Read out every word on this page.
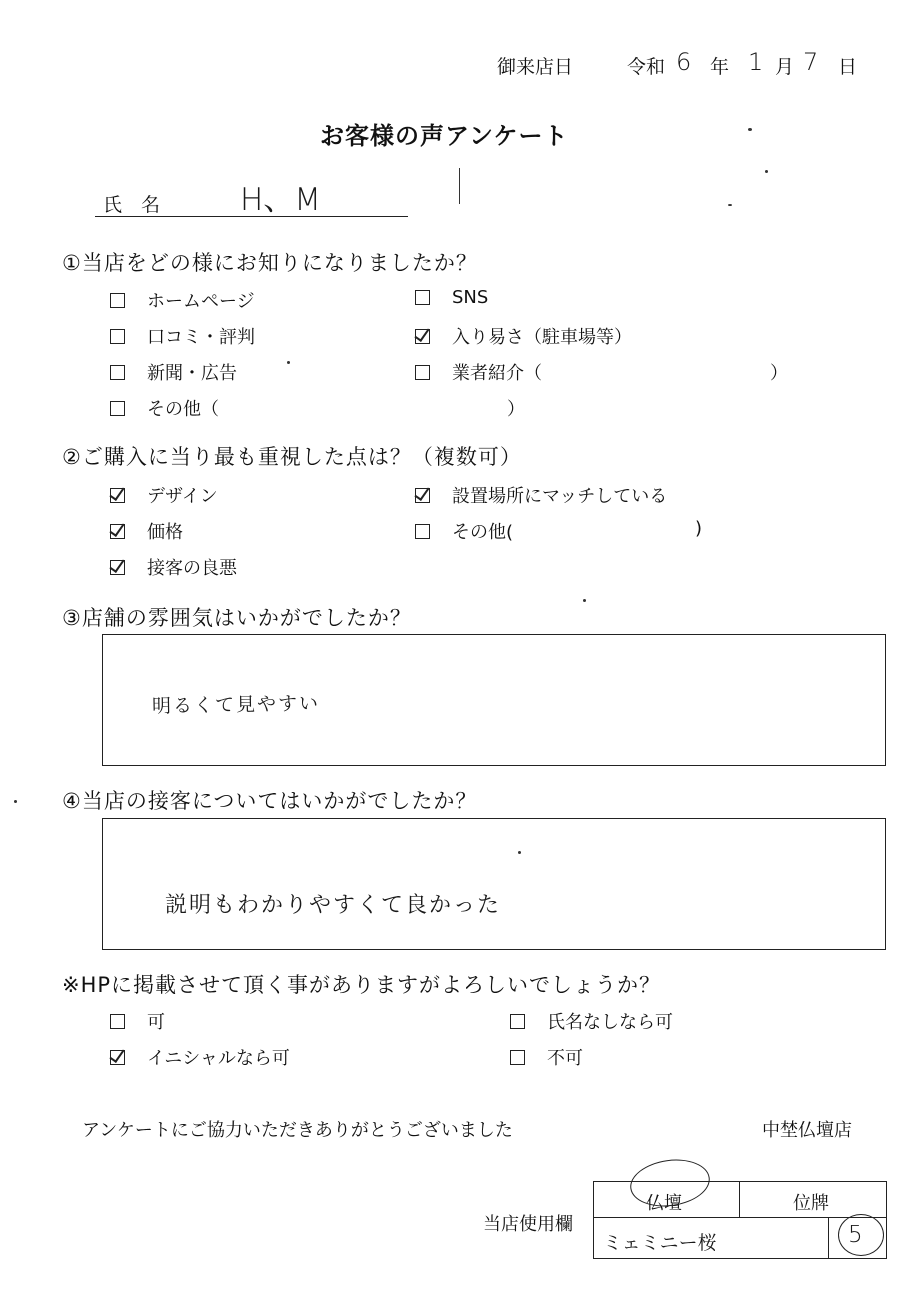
御来店日	令和 6 年 1 月 7 日
お客様の声アンケート
氏　名	H、M
①当店をどの様にお知りになりましたか？
ホームページ	SNS
口コミ・評判	入り易さ（駐車場等）
新聞・広告	業者紹介（	）
その他（	）
②ご購入に当り最も重視した点は？（複数可）
デザイン	設置場所にマッチしている
価格	その他(	)
接客の良悪
③店舗の雰囲気はいかがでしたか？
明るくて見やすい
④当店の接客についてはいかがでしたか？
説明もわかりやすくて良かった
※HPに掲載させて頂く事がありますがよろしいでしょうか？
可	氏名なしなら可
イニシャルなら可	不可
アンケートにご協力いただきありがとうございました	中埜仏壇店
当店使用欄
仏壇	位牌
ミェミニー桜	5
